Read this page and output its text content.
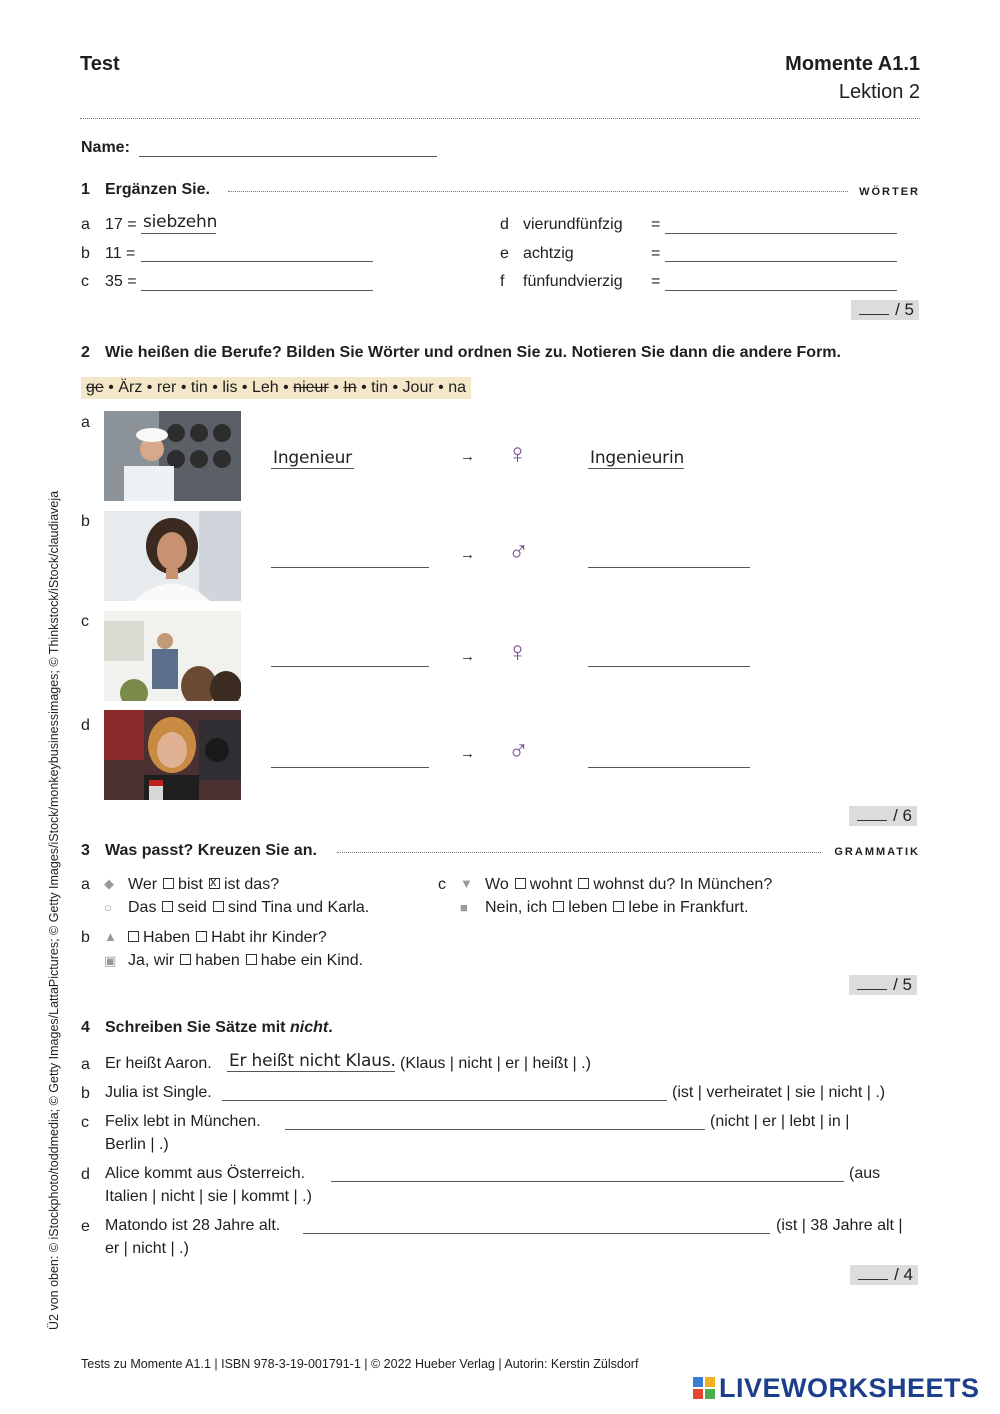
Test	Momente A1.1
Lektion 2
Ü2 von oben: © iStockphoto/toddmedia; © Getty Images/LattaPictures; © Getty Images/iStock/monkeybusinessimages; © Thinkstock/iStock/claudiaveja
Name:
1 Ergänzen Sie.	WÖRTER
a 17 = siebzehn
b 11 =
c 35 =
d vierundfünfzig =
e achtzig	=
f fünfundvierzig =
/ 5
2 Wie heißen die Berufe? Bilden Sie Wörter und ordnen Sie zu. Notieren Sie dann die andere Form.
ge • Ärz • rer • tin • lis • Leh • nieur • In • tin • Jour • na
a
Ingenieur	→ ♀	Ingenieurin
b
→ ♂
c
→ ♀
d
→ ♂
/ 6
3 Was passt? Kreuzen Sie an.	GRAMMATIK
a ◆ Wer bistx ist das?
○ Das seid sind Tina und Karla.
b ▲	Haben Habt ihr Kinder?
▣ Ja, wir haben habe ein Kind.
c ▼ Wo wohnt wohnst du? In München?
■ Nein, ich leben lebe in Frankfurt.
/ 5
4 Schreiben Sie Sätze mit nicht.
a Er heißt Aaron. Er heißt nicht Klaus. (Klaus | nicht | er | heißt | .)
b Julia ist Single.	(ist | verheiratet | sie | nicht | .)
c Felix lebt in München.	(nicht | er | lebt | in |
Berlin | .)
d Alice kommt aus Österreich.	(aus
Italien | nicht | sie | kommt | .)
e Matondo ist 28 Jahre alt.	(ist | 38 Jahre alt |
er | nicht | .)
/ 4
Tests zu Momente A1.1 | ISBN 978-3-19-001791-1 | © 2022 Hueber Verlag | Autorin: Kerstin Zülsdorf
LIVEWORKSHEETS
